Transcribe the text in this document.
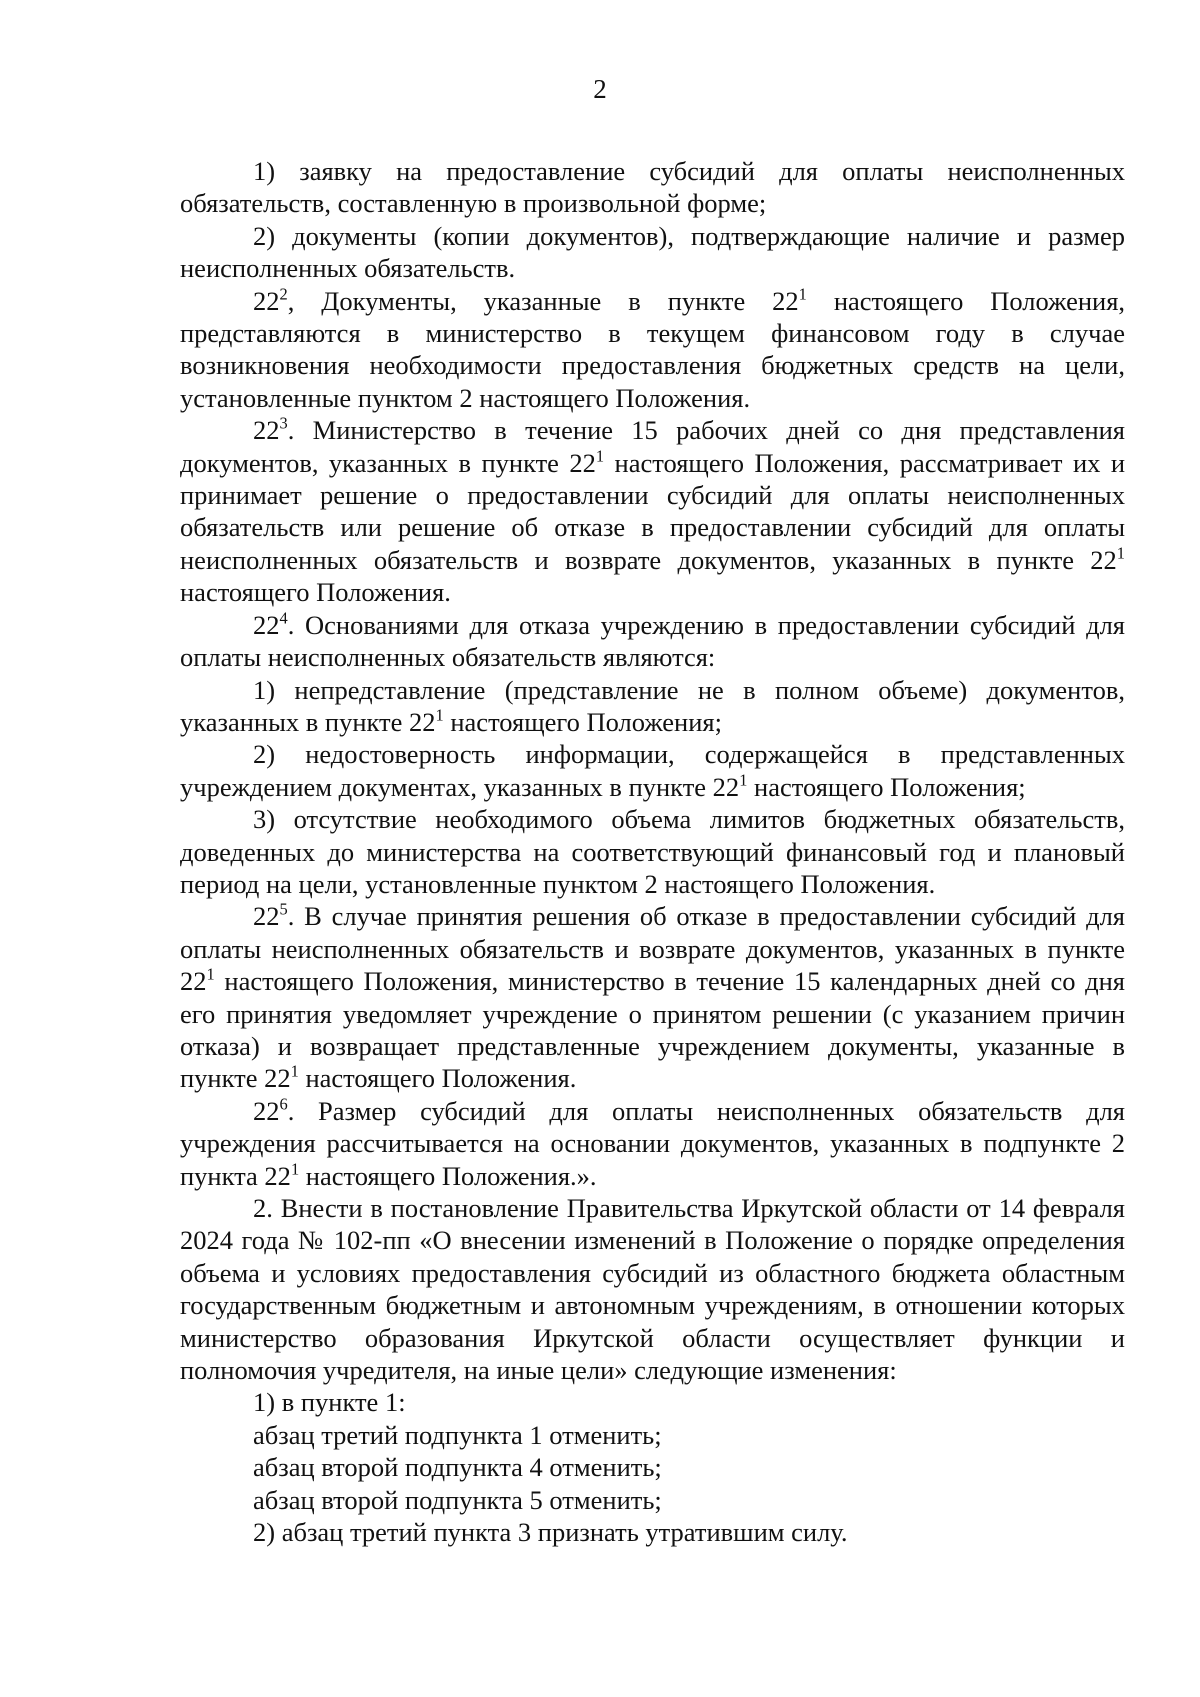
2

1) заявку на предоставление субсидий для оплаты неисполненных обязательств, составленную в произвольной форме;

2) документы (копии документов), подтверждающие наличие и размер неисполненных обязательств.

$22^2$, Документы, указанные в пункте $22^1$ настоящего Положения, представляются в министерство в текущем финансовом году в случае возникновения необходимости предоставления бюджетных средств на цели, установленные пунктом 2 настоящего Положения.

$22^3$. Министерство в течение 15 рабочих дней со дня представления документов, указанных в пункте $22^1$ настоящего Положения, рассматривает их и принимает решение о предоставлении субсидий для оплаты неисполненных обязательств или решение об отказе в предоставлении субсидий для оплаты неисполненных обязательств и возврате документов, указанных в пункте $22^1$ настоящего Положения.

$22^4$. Основаниями для отказа учреждению в предоставлении субсидий для оплаты неисполненных обязательств являются:

1) непредставление (представление не в полном объеме) документов, указанных в пункте $22^1$ настоящего Положения;

2) недостоверность информации, содержащейся в представленных учреждением документах, указанных в пункте $22^1$ настоящего Положения;

3) отсутствие необходимого объема лимитов бюджетных обязательств, доведенных до министерства на соответствующий финансовый год и плановый период на цели, установленные пунктом 2 настоящего Положения.

$22^5$. В случае принятия решения об отказе в предоставлении субсидий для оплаты неисполненных обязательств и возврате документов, указанных в пункте $22^1$ настоящего Положения, министерство в течение 15 календарных дней со дня его принятия уведомляет учреждение о принятом решении (с указанием причин отказа) и возвращает представленные учреждением документы, указанные в пункте $22^1$ настоящего Положения.

$22^6$. Размер субсидий для оплаты неисполненных обязательств для учреждения рассчитывается на основании документов, указанных в подпункте 2 пункта $22^1$ настоящего Положения.».

2. Внести в постановление Правительства Иркутской области от 14 февраля 2024 года № 102-пп «О внесении изменений в Положение о порядке определения объема и условиях предоставления субсидий из областного бюджета областным государственным бюджетным и автономным учреждениям, в отношении которых министерство образования Иркутской области осуществляет функции и полномочия учредителя, на иные цели» следующие изменения:

1) в пункте 1:

абзац третий подпункта 1 отменить;

абзац второй подпункта 4 отменить;

абзац второй подпункта 5 отменить;

2) абзац третий пункта 3 признать утратившим силу.
